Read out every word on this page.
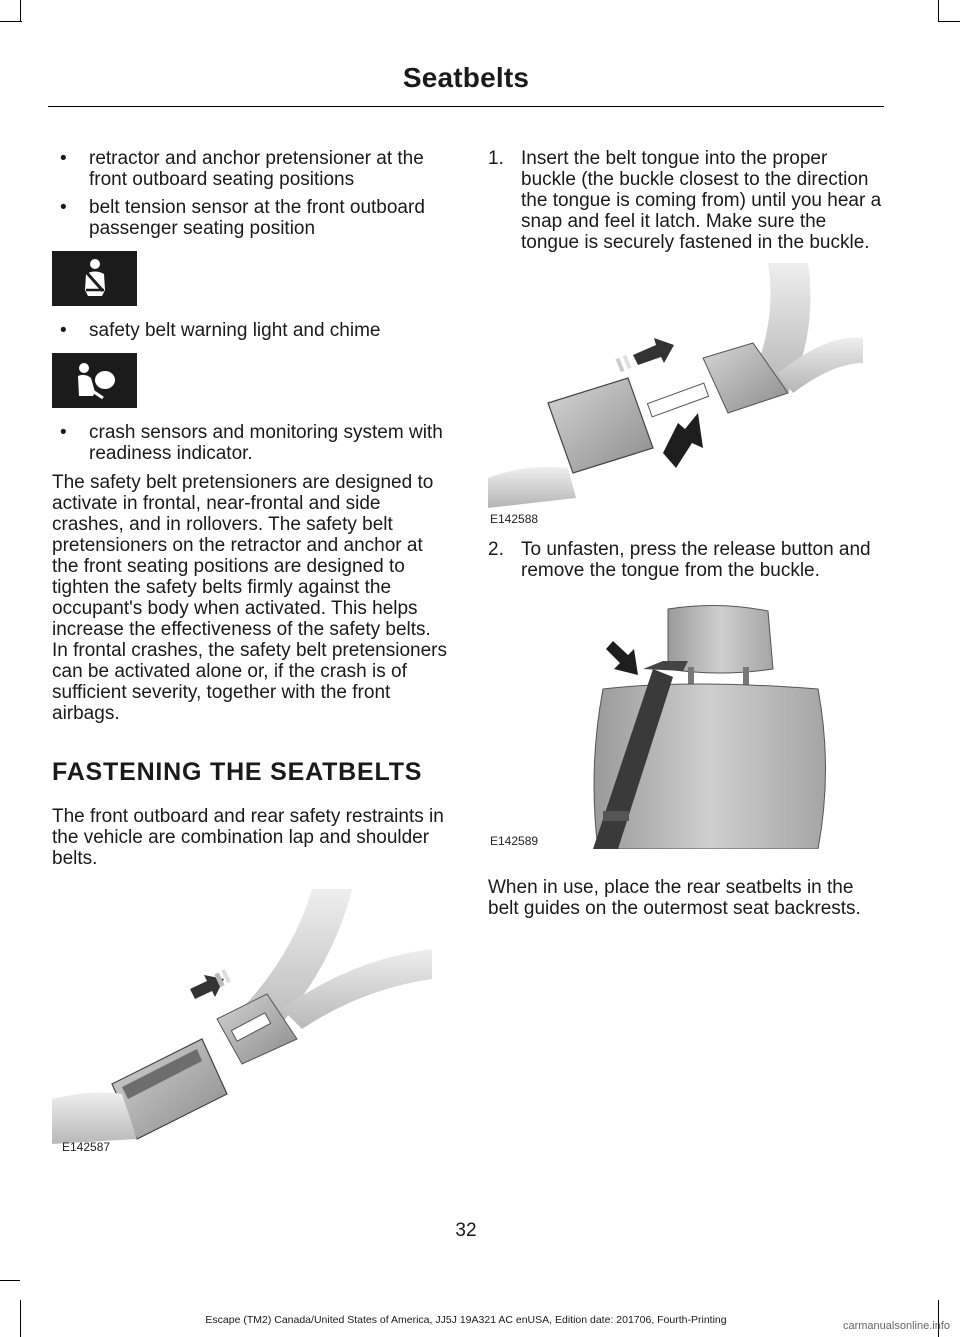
Seatbelts
• retractor and anchor pretensioner at the front outboard seating positions
• belt tension sensor at the front outboard passenger seating position
• safety belt warning light and chime
• crash sensors and monitoring system with readiness indicator.

The safety belt pretensioners are designed to activate in frontal, near-frontal and side crashes, and in rollovers. The safety belt pretensioners on the retractor and anchor at the front seating positions are designed to tighten the safety belts firmly against the occupant's body when activated. This helps increase the effectiveness of the safety belts. In frontal crashes, the safety belt pretensioners can be activated alone or, if the crash is of sufficient severity, together with the front airbags.

FASTENING THE SEATBELTS

The front outboard and rear safety restraints in the vehicle are combination lap and shoulder belts.

E142587
1. Insert the belt tongue into the proper buckle (the buckle closest to the direction the tongue is coming from) until you hear a snap and feel it latch. Make sure the tongue is securely fastened in the buckle.
E142588
2. To unfasten, press the release button and remove the tongue from the buckle.
E142589

When in use, place the rear seatbelts in the belt guides on the outermost seat backrests.

32
Escape (TM2) Canada/United States of America, JJ5J 19A321 AC enUSA, Edition date: 201706, Fourth-Printing	carmanualsonline.info
